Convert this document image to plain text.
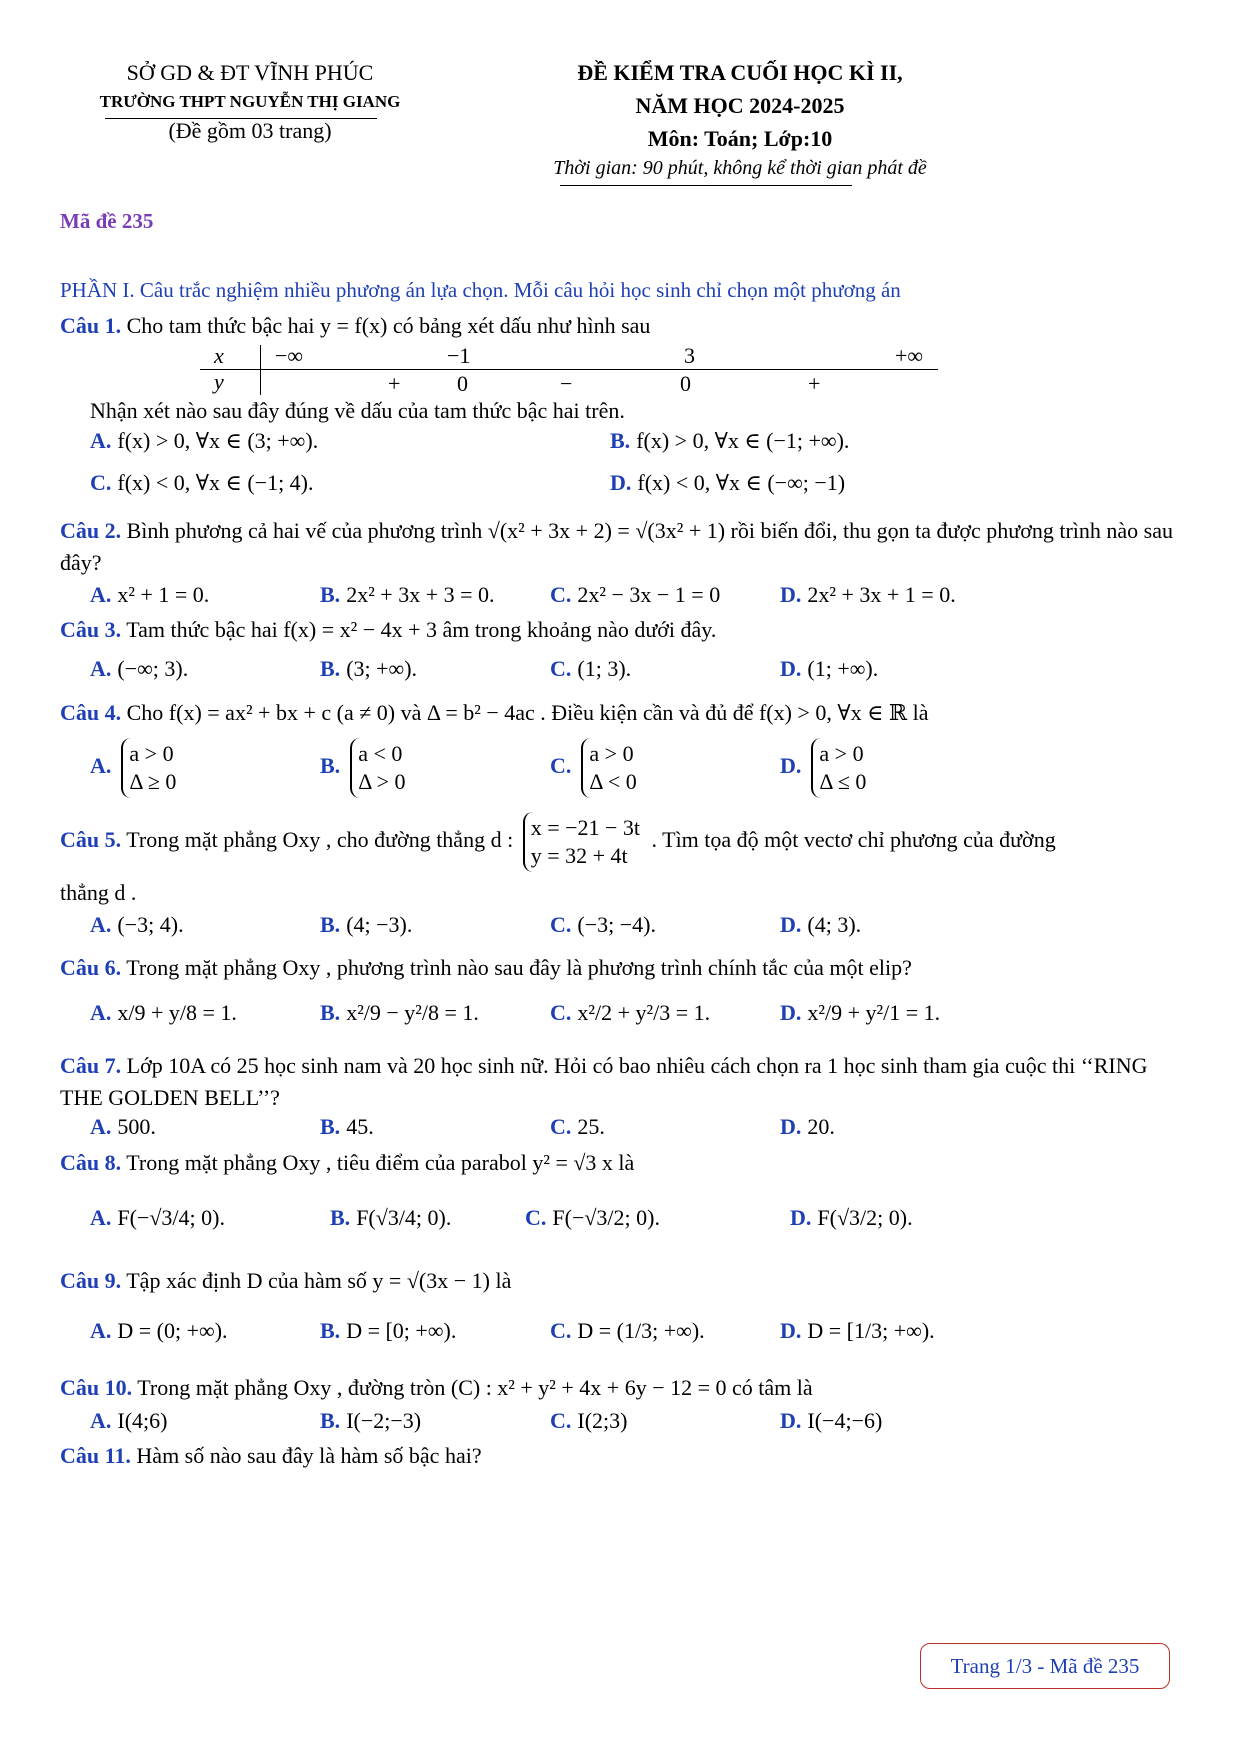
SỞ GD & ĐT VĨNH PHÚC
TRƯỜNG THPT NGUYỄN THỊ GIANG
(Đề gồm 03 trang)
ĐỀ KIỂM TRA CUỐI HỌC KÌ II,
NĂM HỌC 2024-2025
Môn: Toán; Lớp:10
Thời gian: 90 phút, không kể thời gian phát đề
Mã đề 235
PHẦN I. Câu trắc nghiệm nhiều phương án lựa chọn. Mỗi câu hỏi học sinh chỉ chọn một phương án
Câu 1. Cho tam thức bậc hai y = f(x) có bảng xét dấu như hình sau
x −∞	−1	3	+∞
y	+	0	−	0	+
Nhận xét nào sau đây đúng về dấu của tam thức bậc hai trên.
A. f(x) > 0, ∀x ∈ (3; +∞).	B. f(x) > 0, ∀x ∈ (−1; +∞).
C. f(x) < 0, ∀x ∈ (−1; 4).	D. f(x) < 0, ∀x ∈ (−∞; −1)
Câu 2. Bình phương cả hai vế của phương trình √(x² + 3x + 2) = √(3x² + 1) rồi biến đổi, thu gọn ta được phương trình nào sau đây?
A. x² + 1 = 0.	B. 2x² + 3x + 3 = 0.	C. 2x² − 3x − 1 = 0	D. 2x² + 3x + 1 = 0.
Câu 3. Tam thức bậc hai f(x) = x² − 4x + 3 âm trong khoảng nào dưới đây.
A. (−∞; 3).	B. (3; +∞).	C. (1; 3).	D. (1; +∞).
Câu 4. Cho f(x) = ax² + bx + c (a ≠ 0) và Δ = b² − 4ac . Điều kiện cần và đủ để f(x) > 0, ∀x ∈ ℝ là
A. a > 0
Δ ≥ 0
B. a < 0
Δ > 0
C. a > 0
Δ < 0
D. a > 0
Δ ≤ 0
Câu 5. Trong mặt phẳng Oxy , cho đường thẳng d : x = −21 − 3t
y = 32 + 4t
. Tìm tọa độ một vectơ chỉ phương của đường
thẳng d .
A. (−3; 4).	B. (4; −3).	C. (−3; −4).	D. (4; 3).
Câu 6. Trong mặt phẳng Oxy , phương trình nào sau đây là phương trình chính tắc của một elip?
A. x/9 + y/8 = 1.	B. x²/9 − y²/8 = 1.	C. x²/2 + y²/3 = 1.	D. x²/9 + y²/1 = 1.
Câu 7. Lớp 10A có 25 học sinh nam và 20 học sinh nữ. Hỏi có bao nhiêu cách chọn ra 1 học sinh tham gia cuộc thi ‘‘RING THE GOLDEN BELL’’?
A. 500.	B. 45.	C. 25.	D. 20.
Câu 8. Trong mặt phẳng Oxy , tiêu điểm của parabol y² = √3 x là
A. F(−√3/4; 0).	B. F(√3/4; 0).	C. F(−√3/2; 0).	D. F(√3/2; 0).
Câu 9. Tập xác định D của hàm số y = √(3x − 1) là
A. D = (0; +∞).	B. D = [0; +∞).	C. D = (1/3; +∞).	D. D = [1/3; +∞).
Câu 10. Trong mặt phẳng Oxy , đường tròn (C) : x² + y² + 4x + 6y − 12 = 0 có tâm là
A. I(4;6)	B. I(−2;−3)	C. I(2;3)	D. I(−4;−6)
Câu 11. Hàm số nào sau đây là hàm số bậc hai?
Trang 1/3 - Mã đề 235
